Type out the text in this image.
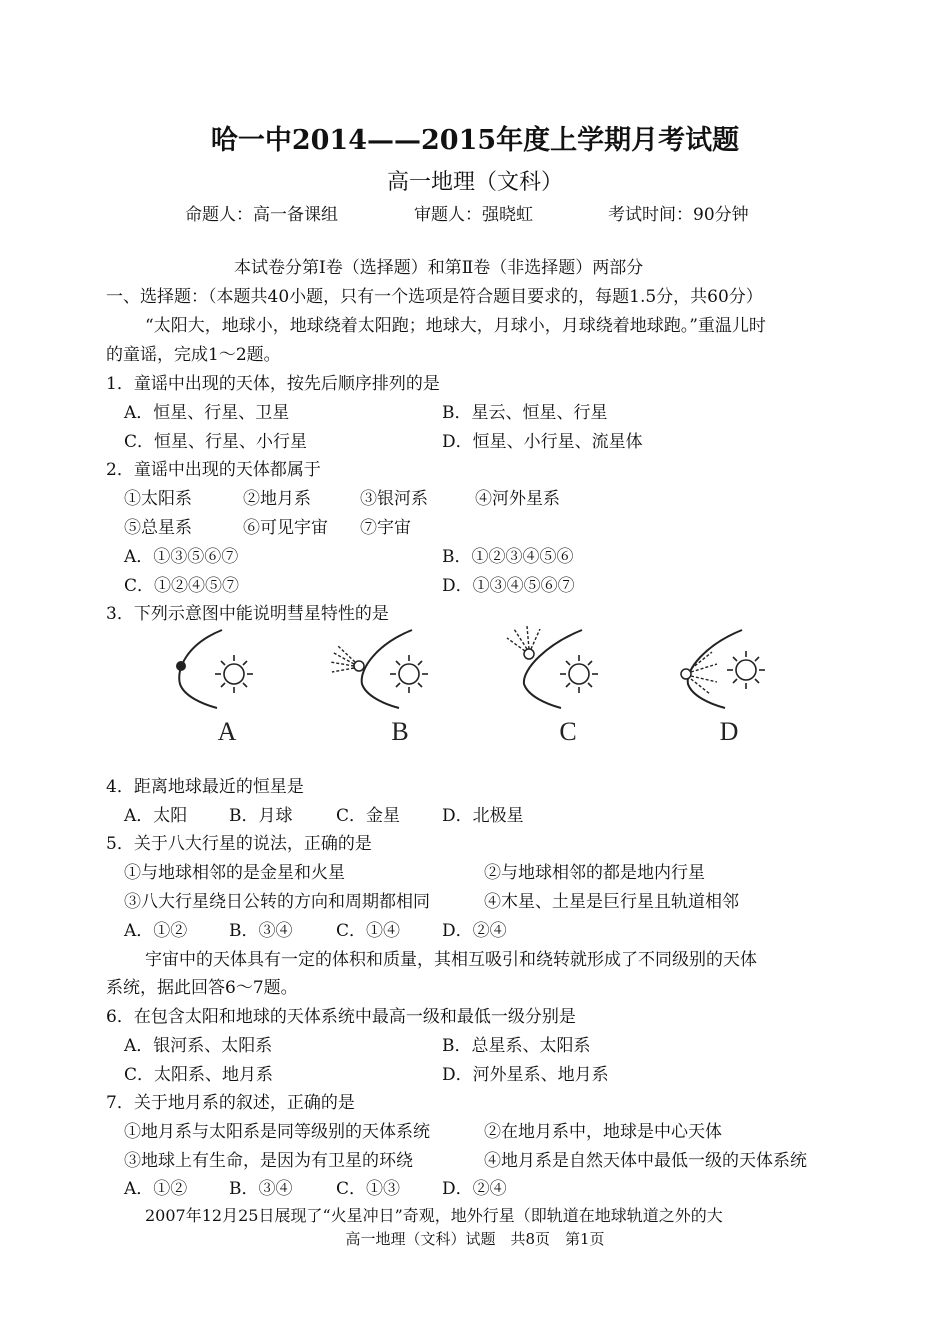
哈一中2014——2015年度上学期月考试题
高一地理（文科）
命题人：高一备课组	审题人：强晓虹	考试时间：90分钟
本试卷分第Ⅰ卷（选择题）和第Ⅱ卷（非选择题）两部分
一、选择题：（本题共40小题，只有一个选项是符合题目要求的，每题1.5分，共60分）
“太阳大，地球小，地球绕着太阳跑；地球大，月球小，月球绕着地球跑。”重温儿时
的童谣，完成1～2题。
1．童谣中出现的天体，按先后顺序排列的是
A．恒星、行星、卫星	B．星云、恒星、行星
C．恒星、行星、小行星	D．恒星、小行星、流星体
2．童谣中出现的天体都属于
①太阳系	②地月系	③银河系	④河外星系
⑤总星系	⑥可见宇宙 ⑦宇宙
A．①③⑤⑥⑦	B．①②③④⑤⑥
C．①②④⑤⑦	D．①③④⑤⑥⑦
3．下列示意图中能说明彗星特性的是
A	B	C	D
4．距离地球最近的恒星是
A．太阳 B．月球	C．金星 D．北极星
5．关于八大行星的说法，正确的是
①与地球相邻的是金星和火星	②与地球相邻的都是地内行星
③八大行星绕日公转的方向和周期都相同	④木星、土星是巨行星且轨道相邻
A．①② B．③④	C．①④ D．②④
宇宙中的天体具有一定的体积和质量，其相互吸引和绕转就形成了不同级别的天体
系统，据此回答6～7题。
6．在包含太阳和地球的天体系统中最高一级和最低一级分别是
A．银河系、太阳系	B．总星系、太阳系
C．太阳系、地月系	D．河外星系、地月系
7．关于地月系的叙述，正确的是
①地月系与太阳系是同等级别的天体系统	②在地月系中，地球是中心天体
③地球上有生命，是因为有卫星的环绕	④地月系是自然天体中最低一级的天体系统
A．①② B．③④	C．①③ D．②④
2007年12月25日展现了“火星冲日”奇观，地外行星（即轨道在地球轨道之外的大
高一地理（文科）试题　共8页　第1页
